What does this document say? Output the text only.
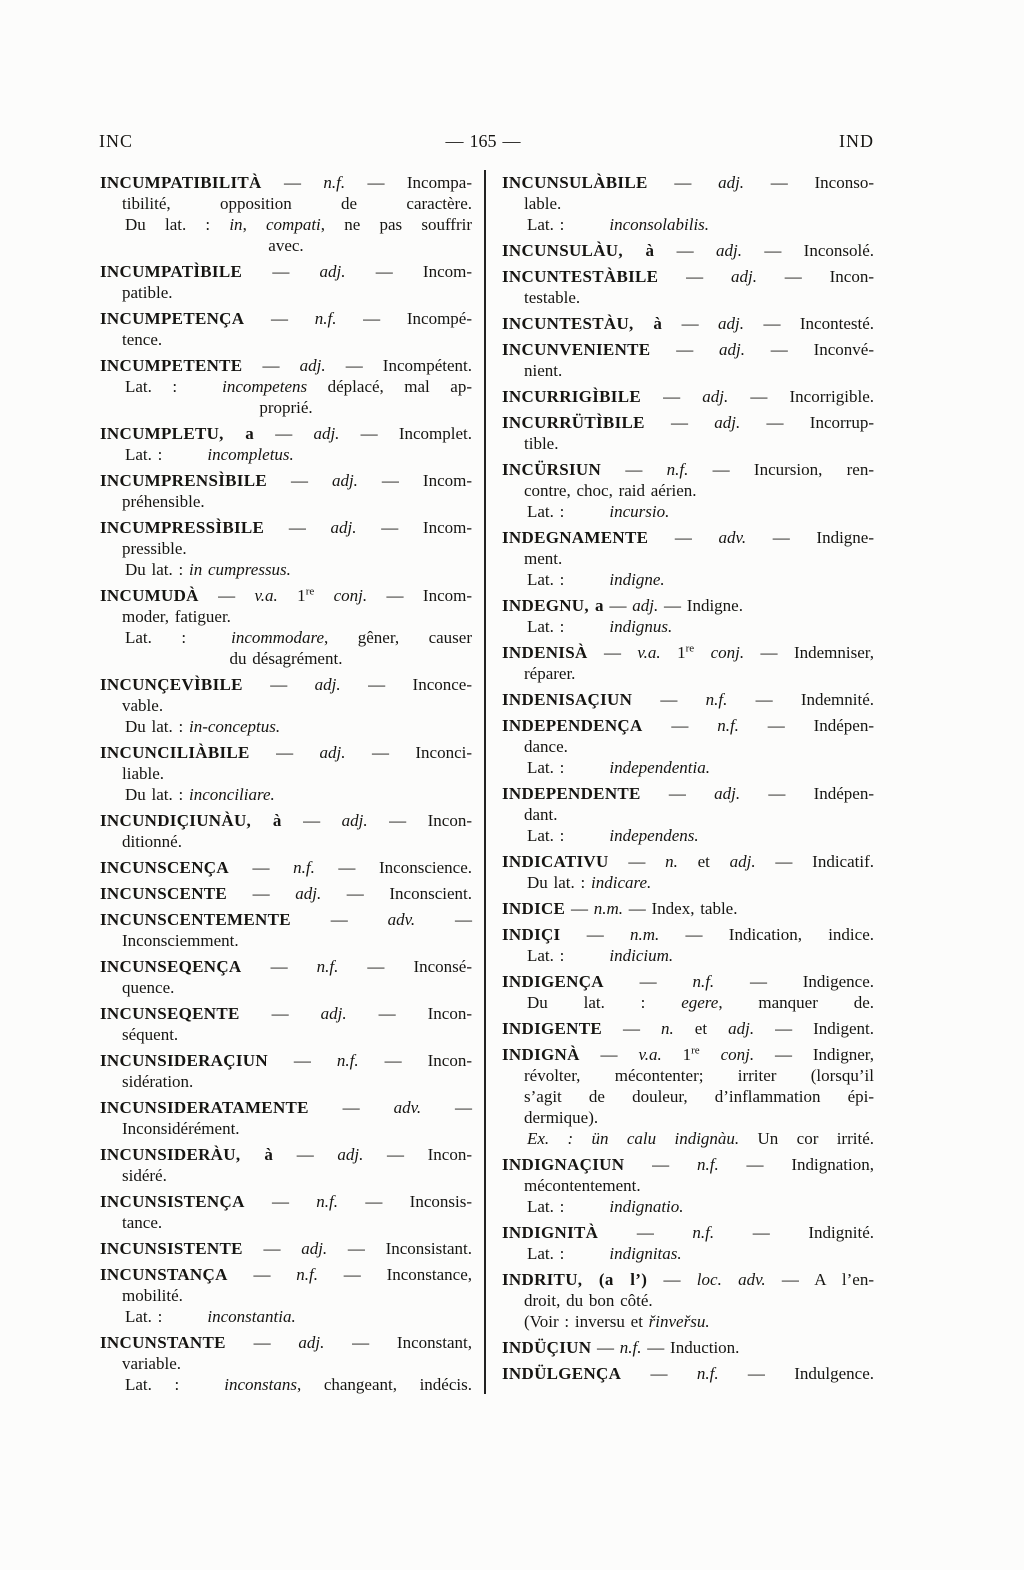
INC	— 165 —	IND
INCUMPATIBILITÀ — n.f. — Incompa-
tibilité, opposition de caractère.
Du lat. : in, compati, ne pas souffrir
avec.
INCUMPATÌBILE — adj. — Incom-
patible.
INCUMPETENÇA — n.f. — Incompé-
tence.
INCUMPETENTE — adj. — Incompétent.
Lat. :	incompetens déplacé, mal ap-
proprié.
INCUMPLETU, a — adj. — Incomplet.
Lat. :	incompletus.
INCUMPRENSÌBILE — adj. — Incom-
préhensible.
INCUMPRESSÌBILE — adj. — Incom-
pressible.
Du lat. : in cumpressus.
INCUMUDÀ — v.a. 1re conj. — Incom-
moder, fatiguer.
Lat. :	incommodare, gêner, causer
du désagrément.
INCUNÇEVÌBILE — adj. — Inconce-
vable.
Du lat. : in-conceptus.
INCUNCILIÀBILE — adj. — Inconci-
liable.
Du lat. : inconciliare.
INCUNDIÇIUNÀU, à — adj. — Incon-
ditionné.
INCUNSCENÇA — n.f. — Inconscience.
INCUNSCENTE — adj. — Inconscient.
INCUNSCENTEMENTE — adv. —
Inconsciemment.
INCUNSEQENÇA — n.f. — Inconsé-
quence.
INCUNSEQENTE — adj. — Incon-
séquent.
INCUNSIDERAÇIUN — n.f. — Incon-
sidération.
INCUNSIDERATAMENTE — adv. —
Inconsidérément.
INCUNSIDERÀU, à — adj. — Incon-
sidéré.
INCUNSISTENÇA — n.f. — Inconsis-
tance.
INCUNSISTENTE — adj. — Inconsistant.
INCUNSTANÇA — n.f. — Inconstance,
mobilité.
Lat. :	inconstantia.
INCUNSTANTE — adj. — Inconstant,
variable.
Lat. :	inconstans, changeant, indécis.
INCUNSULÀBILE — adj. — Inconso-
lable.
Lat. :	inconsolabilis.
INCUNSULÀU, à — adj. — Inconsolé.
INCUNTESTÀBILE — adj. — Incon-
testable.
INCUNTESTÀU, à — adj. — Incontesté.
INCUNVENIENTE — adj. — Inconvé-
nient.
INCURRIGÌBILE — adj. — Incorrigible.
INCURRÜTÌBILE — adj. — Incorrup-
tible.
INCÜRSIUN — n.f. — Incursion, ren-
contre, choc, raid aérien.
Lat. :	incursio.
INDEGNAMENTE — adv. — Indigne-
ment.
Lat. :	indigne.
INDEGNU, a — adj. — Indigne.
Lat. :	indignus.
INDENISÀ — v.a. 1re conj. — Indemniser,
réparer.
INDENISAÇIUN — n.f. — Indemnité.
INDEPENDENÇA — n.f. — Indépen-
dance.
Lat. :	independentia.
INDEPENDENTE — adj. — Indépen-
dant.
Lat. :	independens.
INDICATIVU — n. et adj. — Indicatif.
Du lat. : indicare.
INDICE — n.m. — Index, table.
INDIÇI — n.m. — Indication, indice.
Lat. :	indicium.
INDIGENÇA — n.f. — Indigence.
Du lat. : egere, manquer de.
INDIGENTE — n. et adj. — Indigent.
INDIGNÀ — v.a. 1re conj. — Indigner,
révolter, mécontenter; irriter (lorsqu’il
s’agit de douleur, d’inflammation épi-
dermique).
Ex. : ün calu indignàu. Un cor irrité.
INDIGNAÇIUN — n.f. — Indignation,
mécontentement.
Lat. :	indignatio.
INDIGNITÀ — n.f. — Indignité.
Lat. :	indignitas.
INDRITU, (a l’) — loc. adv. — A l’en-
droit, du bon côté.
(Voir : inversu et řinveřsu.
INDÜÇIUN — n.f. — Induction.
INDÜLGENÇA — n.f. — Indulgence.
